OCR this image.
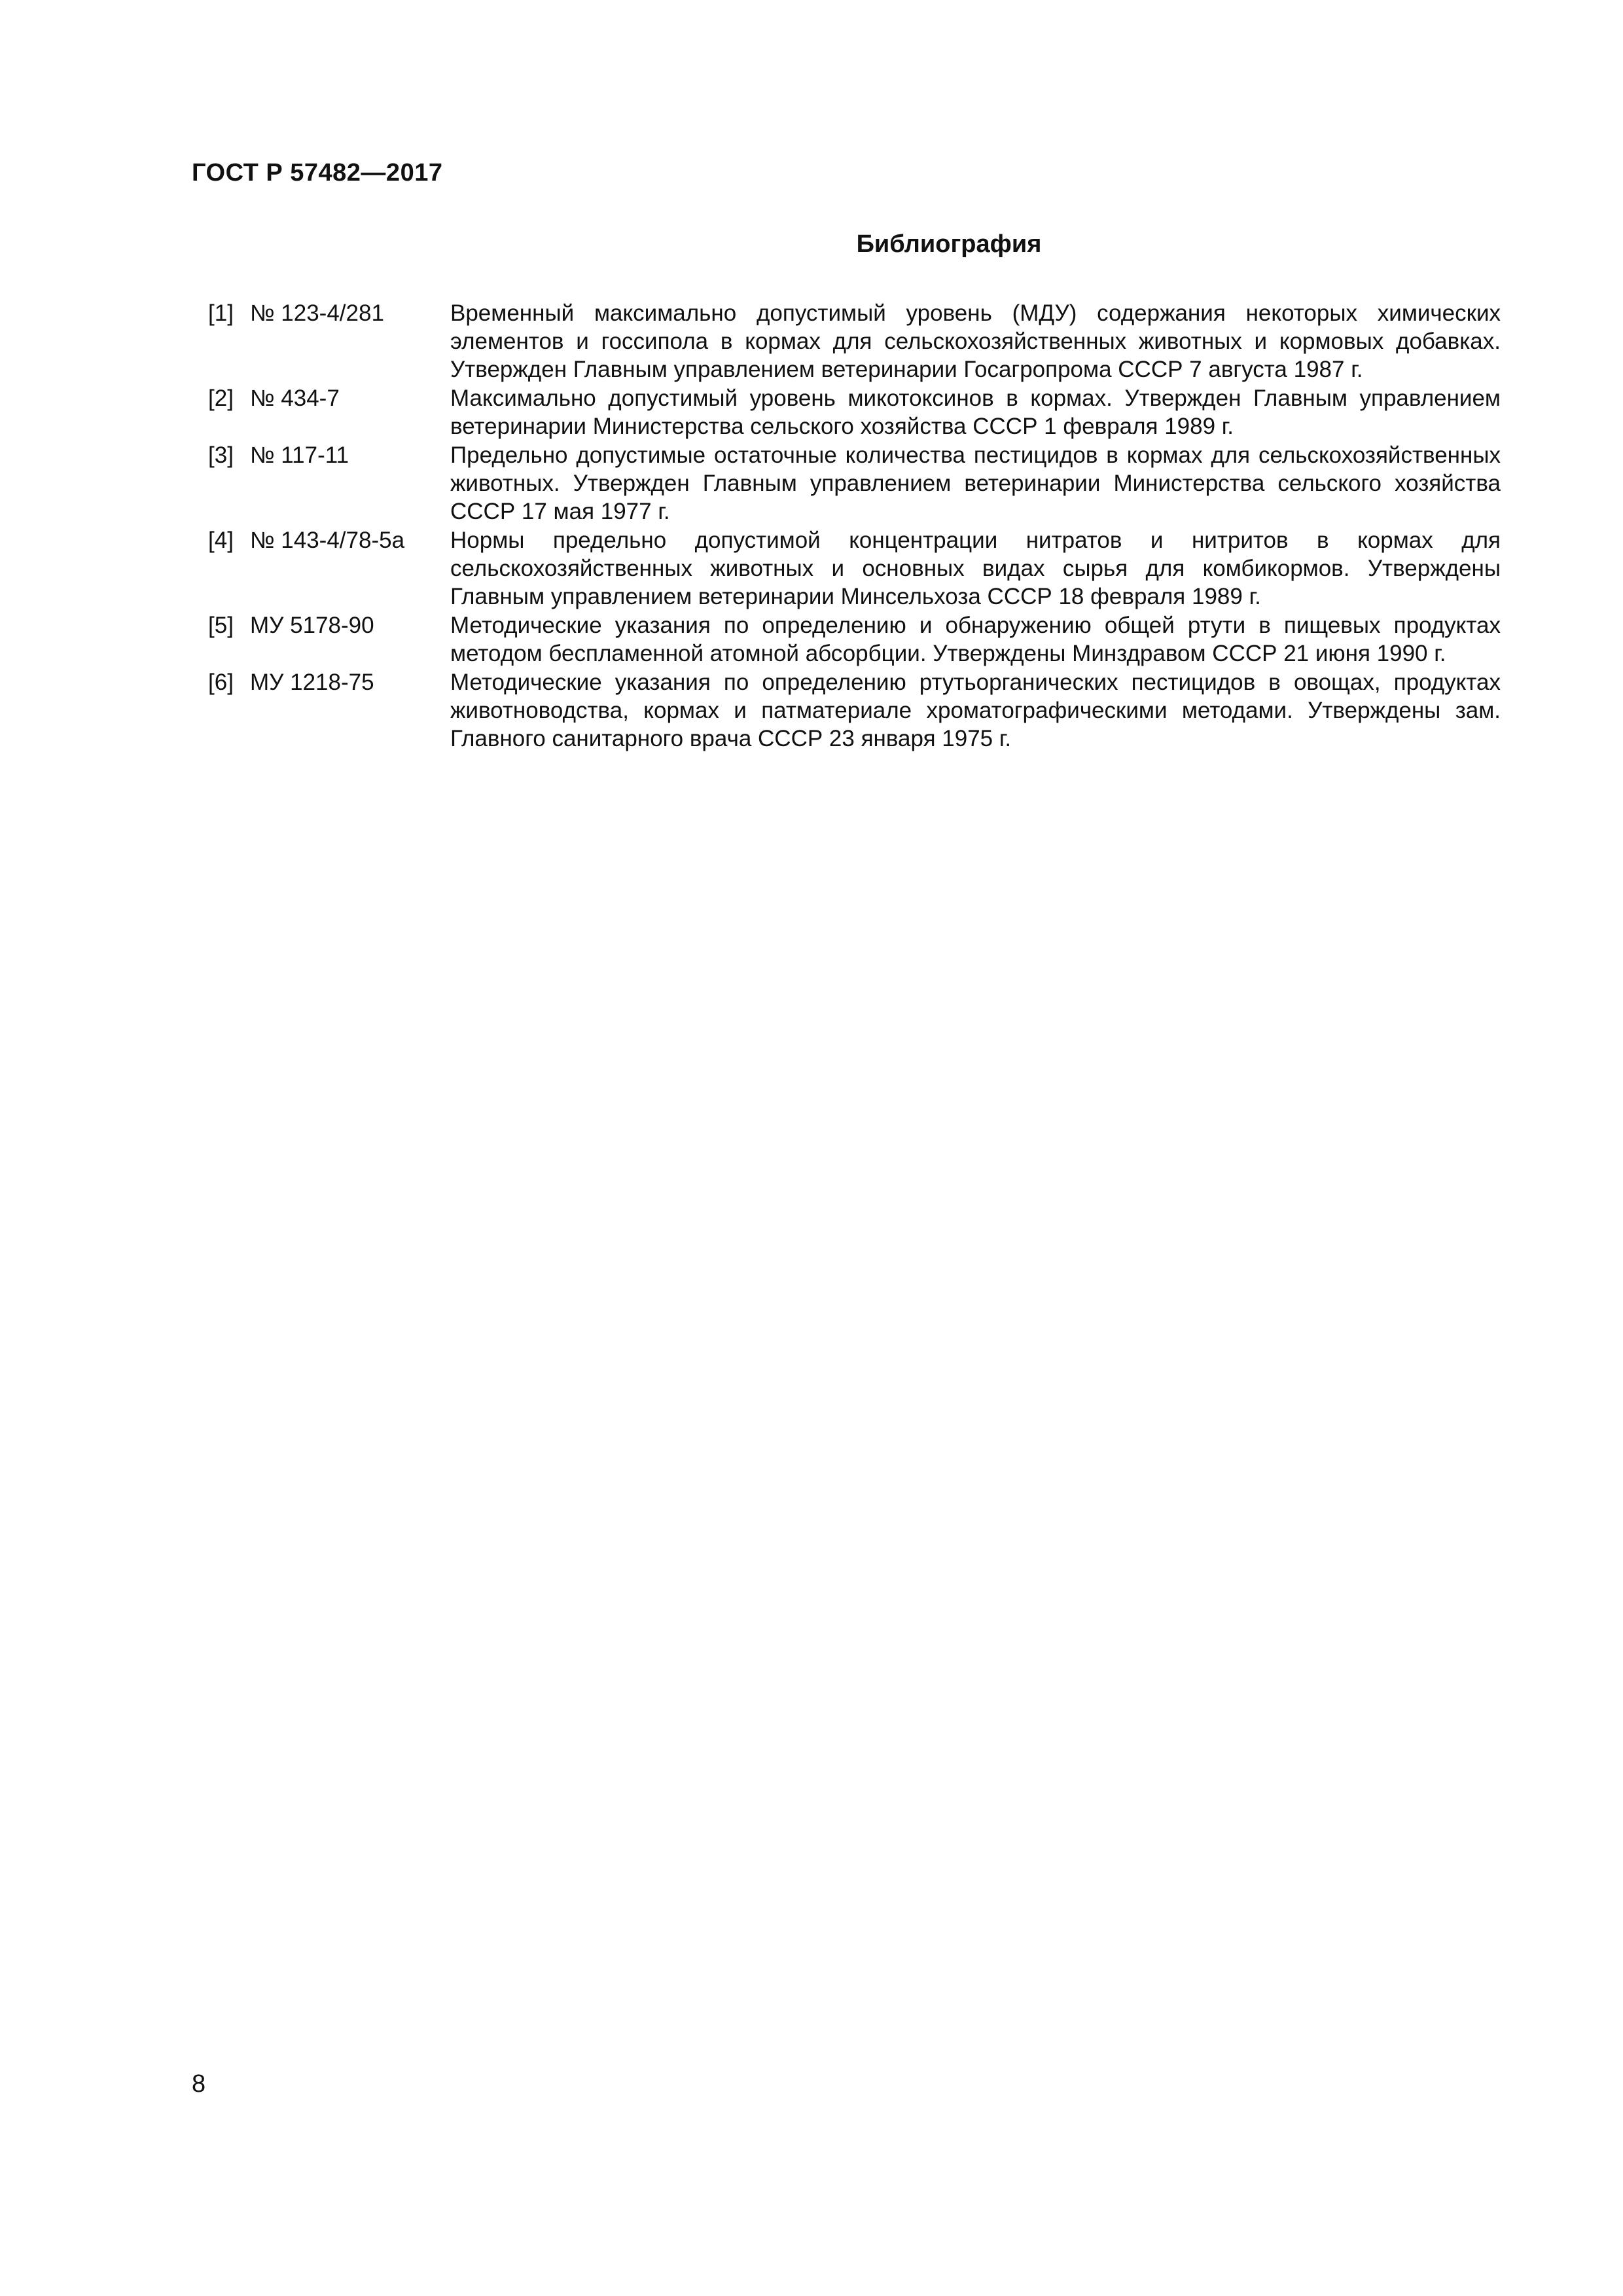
ГОСТ Р 57482—2017
Библиография
[1] № 123-4/281	Временный максимально допустимый уровень (МДУ) содержания некоторых химических элементов и госсипола в кормах для сельскохозяйственных животных и кормовых добавках. Утвержден Главным управлением ветеринарии Госагропрома СССР 7 августа 1987 г.
[2] № 434-7	Максимально допустимый уровень микотоксинов в кормах. Утвержден Главным управлением ветеринарии Министерства сельского хозяйства СССР 1 февраля 1989 г.
[3] № 117-11	Предельно допустимые остаточные количества пестицидов в кормах для сельскохозяйственных животных. Утвержден Главным управлением ветеринарии Министерства сельского хозяйства СССР 17 мая 1977 г.
[4] № 143-4/78-5а	Нормы предельно допустимой концентрации нитратов и нитритов в кормах для сельскохозяйственных животных и основных видах сырья для комбикормов. Утверждены Главным управлением ветеринарии Минсельхоза СССР 18 февраля 1989 г.
[5] МУ 5178-90	Методические указания по определению и обнаружению общей ртути в пищевых продуктах методом беспламенной атомной абсорбции. Утверждены Минздравом СССР 21 июня 1990 г.
[6] МУ 1218-75	Методические указания по определению ртутьорганических пестицидов в овощах, продуктах животноводства, кормах и патматериале хроматографическими методами. Утверждены зам. Главного санитарного врача СССР 23 января 1975 г.

8
